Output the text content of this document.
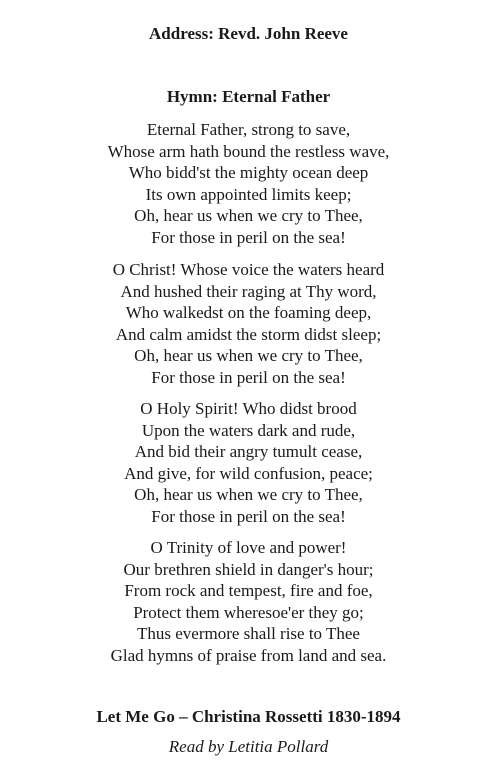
Address: Revd. John Reeve
Hymn: Eternal Father
Eternal Father, strong to save,
Whose arm hath bound the restless wave,
Who bidd'st the mighty ocean deep
Its own appointed limits keep;
Oh, hear us when we cry to Thee,
For those in peril on the sea!
O Christ! Whose voice the waters heard
And hushed their raging at Thy word,
Who walkedst on the foaming deep,
And calm amidst the storm didst sleep;
Oh, hear us when we cry to Thee,
For those in peril on the sea!
O Holy Spirit! Who didst brood
Upon the waters dark and rude,
And bid their angry tumult cease,
And give, for wild confusion, peace;
Oh, hear us when we cry to Thee,
For those in peril on the sea!
O Trinity of love and power!
Our brethren shield in danger's hour;
From rock and tempest, fire and foe,
Protect them wheresoe'er they go;
Thus evermore shall rise to Thee
Glad hymns of praise from land and sea.
Let Me Go – Christina Rossetti 1830-1894
Read by Letitia Pollard
